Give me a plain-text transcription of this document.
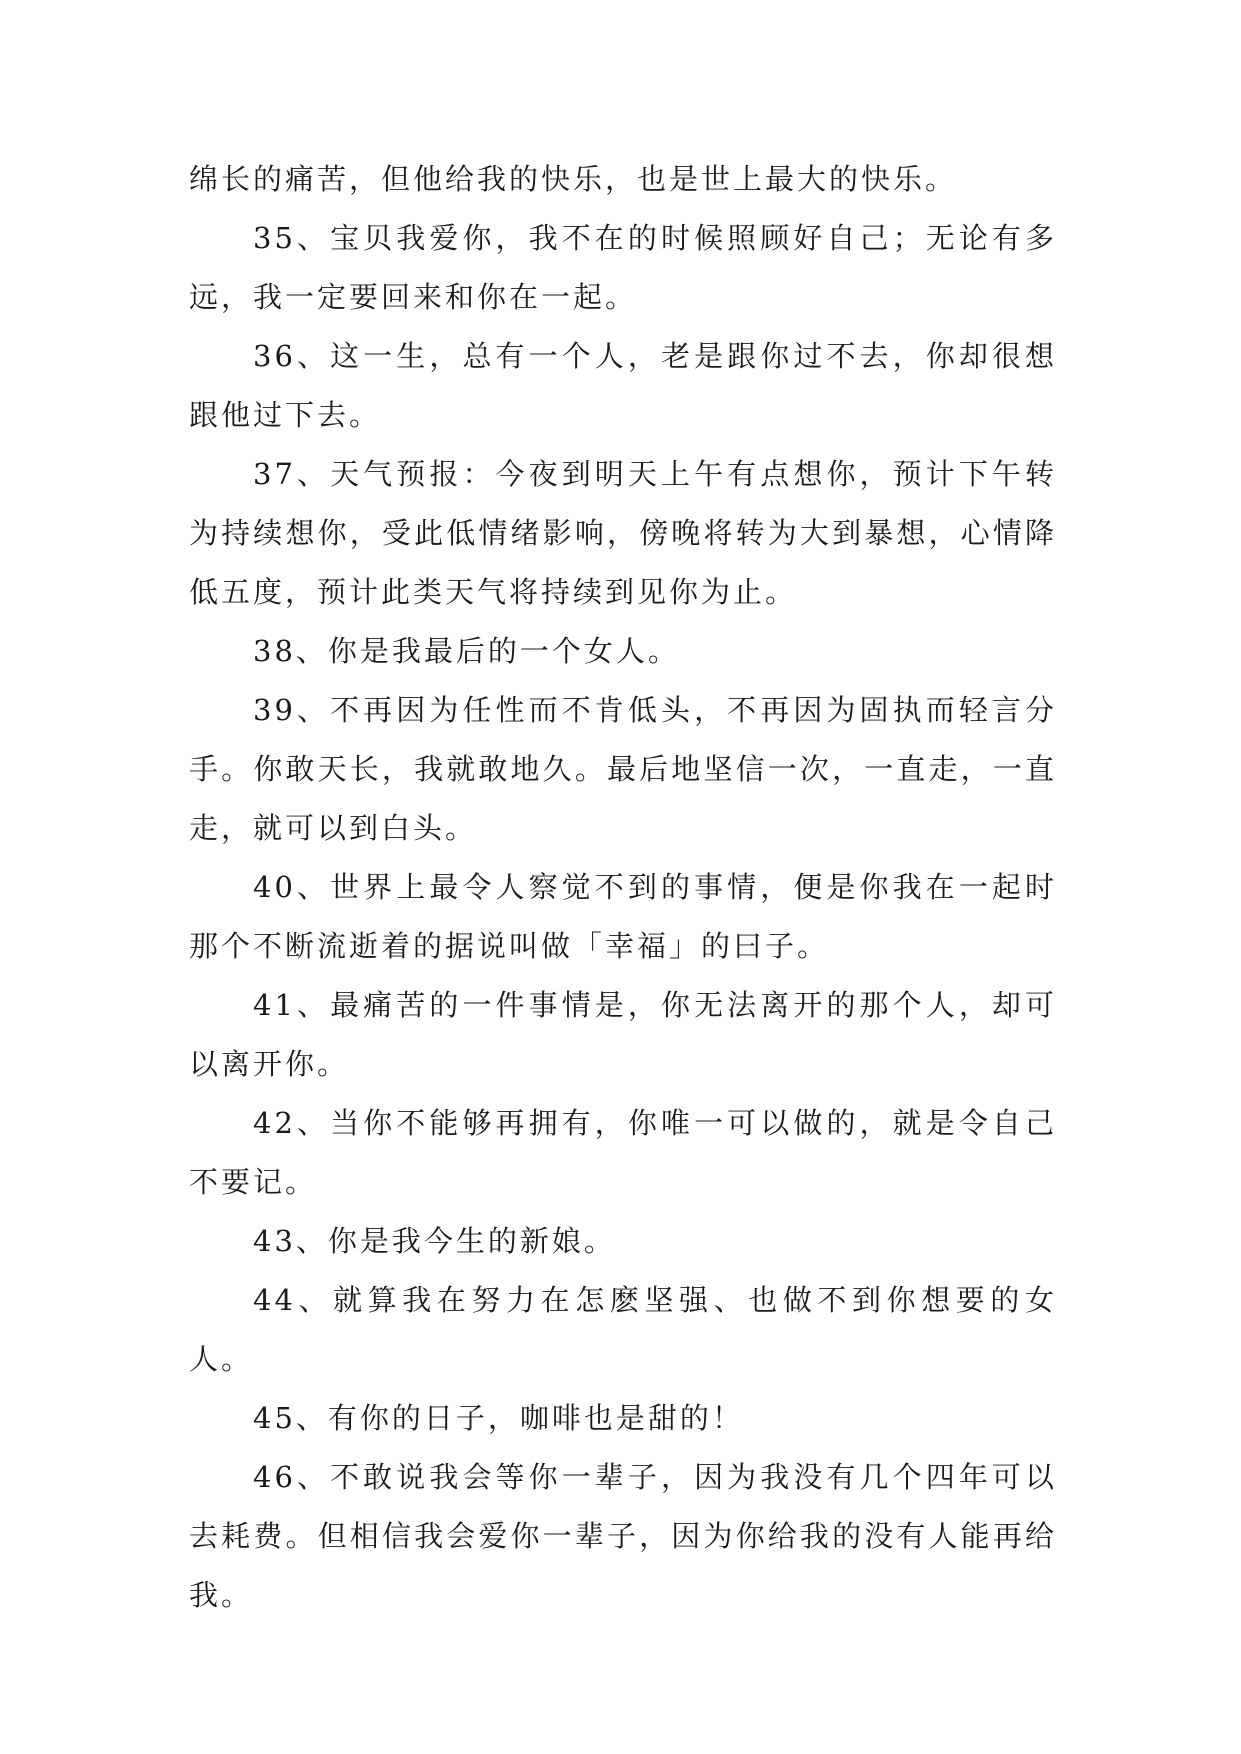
绵长的痛苦，但他给我的快乐，也是世上最大的快乐。

35、宝贝我爱你，我不在的时候照顾好自己；无论有多远，我一定要回来和你在一起。

36、这一生，总有一个人，老是跟你过不去，你却很想跟他过下去。

37、天气预报：今夜到明天上午有点想你，预计下午转为持续想你，受此低情绪影响，傍晚将转为大到暴想，心情降低五度，预计此类天气将持续到见你为止。

38、你是我最后的一个女人。

39、不再因为任性而不肯低头，不再因为固执而轻言分手。你敢天长，我就敢地久。最后地坚信一次，一直走，一直走，就可以到白头。

40、世界上最令人察觉不到的事情，便是你我在一起时那个不断流逝着的据说叫做「幸福」的曰子。

41、最痛苦的一件事情是，你无法离开的那个人，却可以离开你。

42、当你不能够再拥有，你唯一可以做的，就是令自己不要记。

43、你是我今生的新娘。

44、就算我在努力在怎麽坚强、也做不到你想要的女人。

45、有你的日子，咖啡也是甜的！

46、不敢说我会等你一辈子，因为我没有几个四年可以去耗费。但相信我会爱你一辈子，因为你给我的没有人能再给我。
